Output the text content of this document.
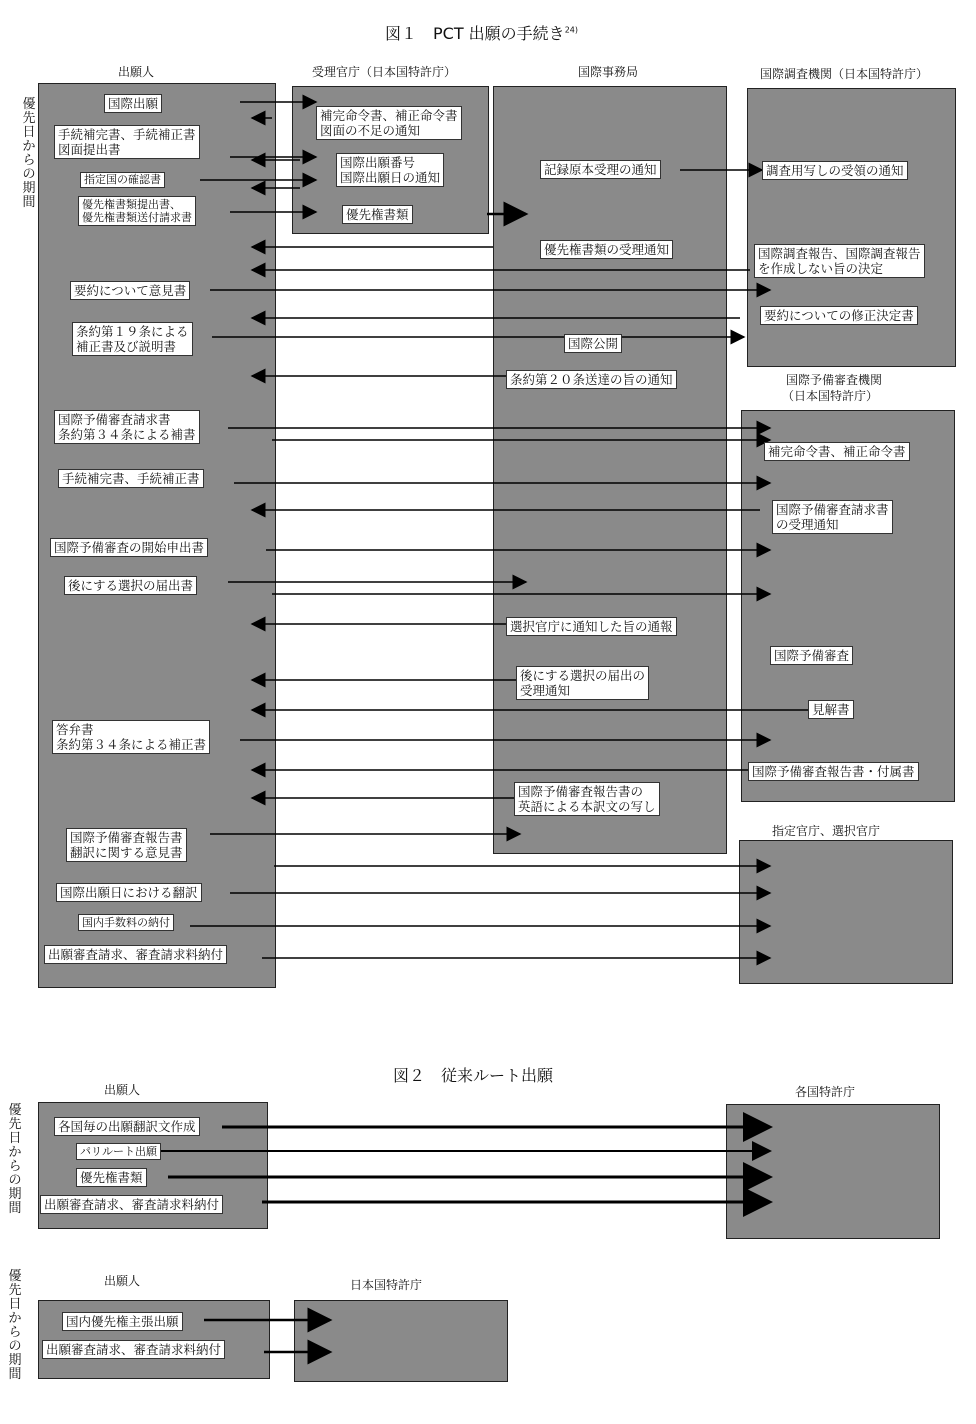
図１　PCT 出願の手続き$^{24)}$
出願人	受理官庁（日本国特許庁）	国際事務局	国際調査機関（日本国特許庁）
国際予備審査機関
（日本国特許庁）
指定官庁、選択官庁
優先日からの期間
図２　従来ルート出願
出願人	各国特許庁
優先日からの期間
出願人	日本国特許庁
優先日からの期間
国際出願
手続補完書、手続補正書
図面提出書
指定国の確認書
優先権書類提出書、
優先権書類送付請求書
要約について意見書
条約第１９条による
補正書及び説明書
国際予備審査請求書
条約第３４条による補書
手続補完書、手続補正書
国際予備審査の開始申出書
後にする選択の届出書
答弁書
条約第３４条による補正書
国際予備審査報告書
翻訳に関する意見書
国際出願日における翻訳
国内手数料の納付
出願審査請求、審査請求料納付
補完命令書、補正命令書
図面の不足の通知
国際出願番号
国際出願日の通知
優先権書類
記録原本受理の通知
優先権書類の受理通知
国際公開
条約第２０条送達の旨の通知
選択官庁に通知した旨の通報
後にする選択の届出の
受理通知
国際予備審査報告書の
英語による本訳文の写し
調査用写しの受領の通知
国際調査報告、国際調査報告
を作成しない旨の決定
要約についての修正決定書
補完命令書、補正命令書
国際予備審査請求書
の受理通知
国際予備審査
見解書
国際予備審査報告書・付属書
各国毎の出願翻訳文作成
パリルート出願
優先権書類
出願審査請求、審査請求料納付
国内優先権主張出願
出願審査請求、審査請求料納付
